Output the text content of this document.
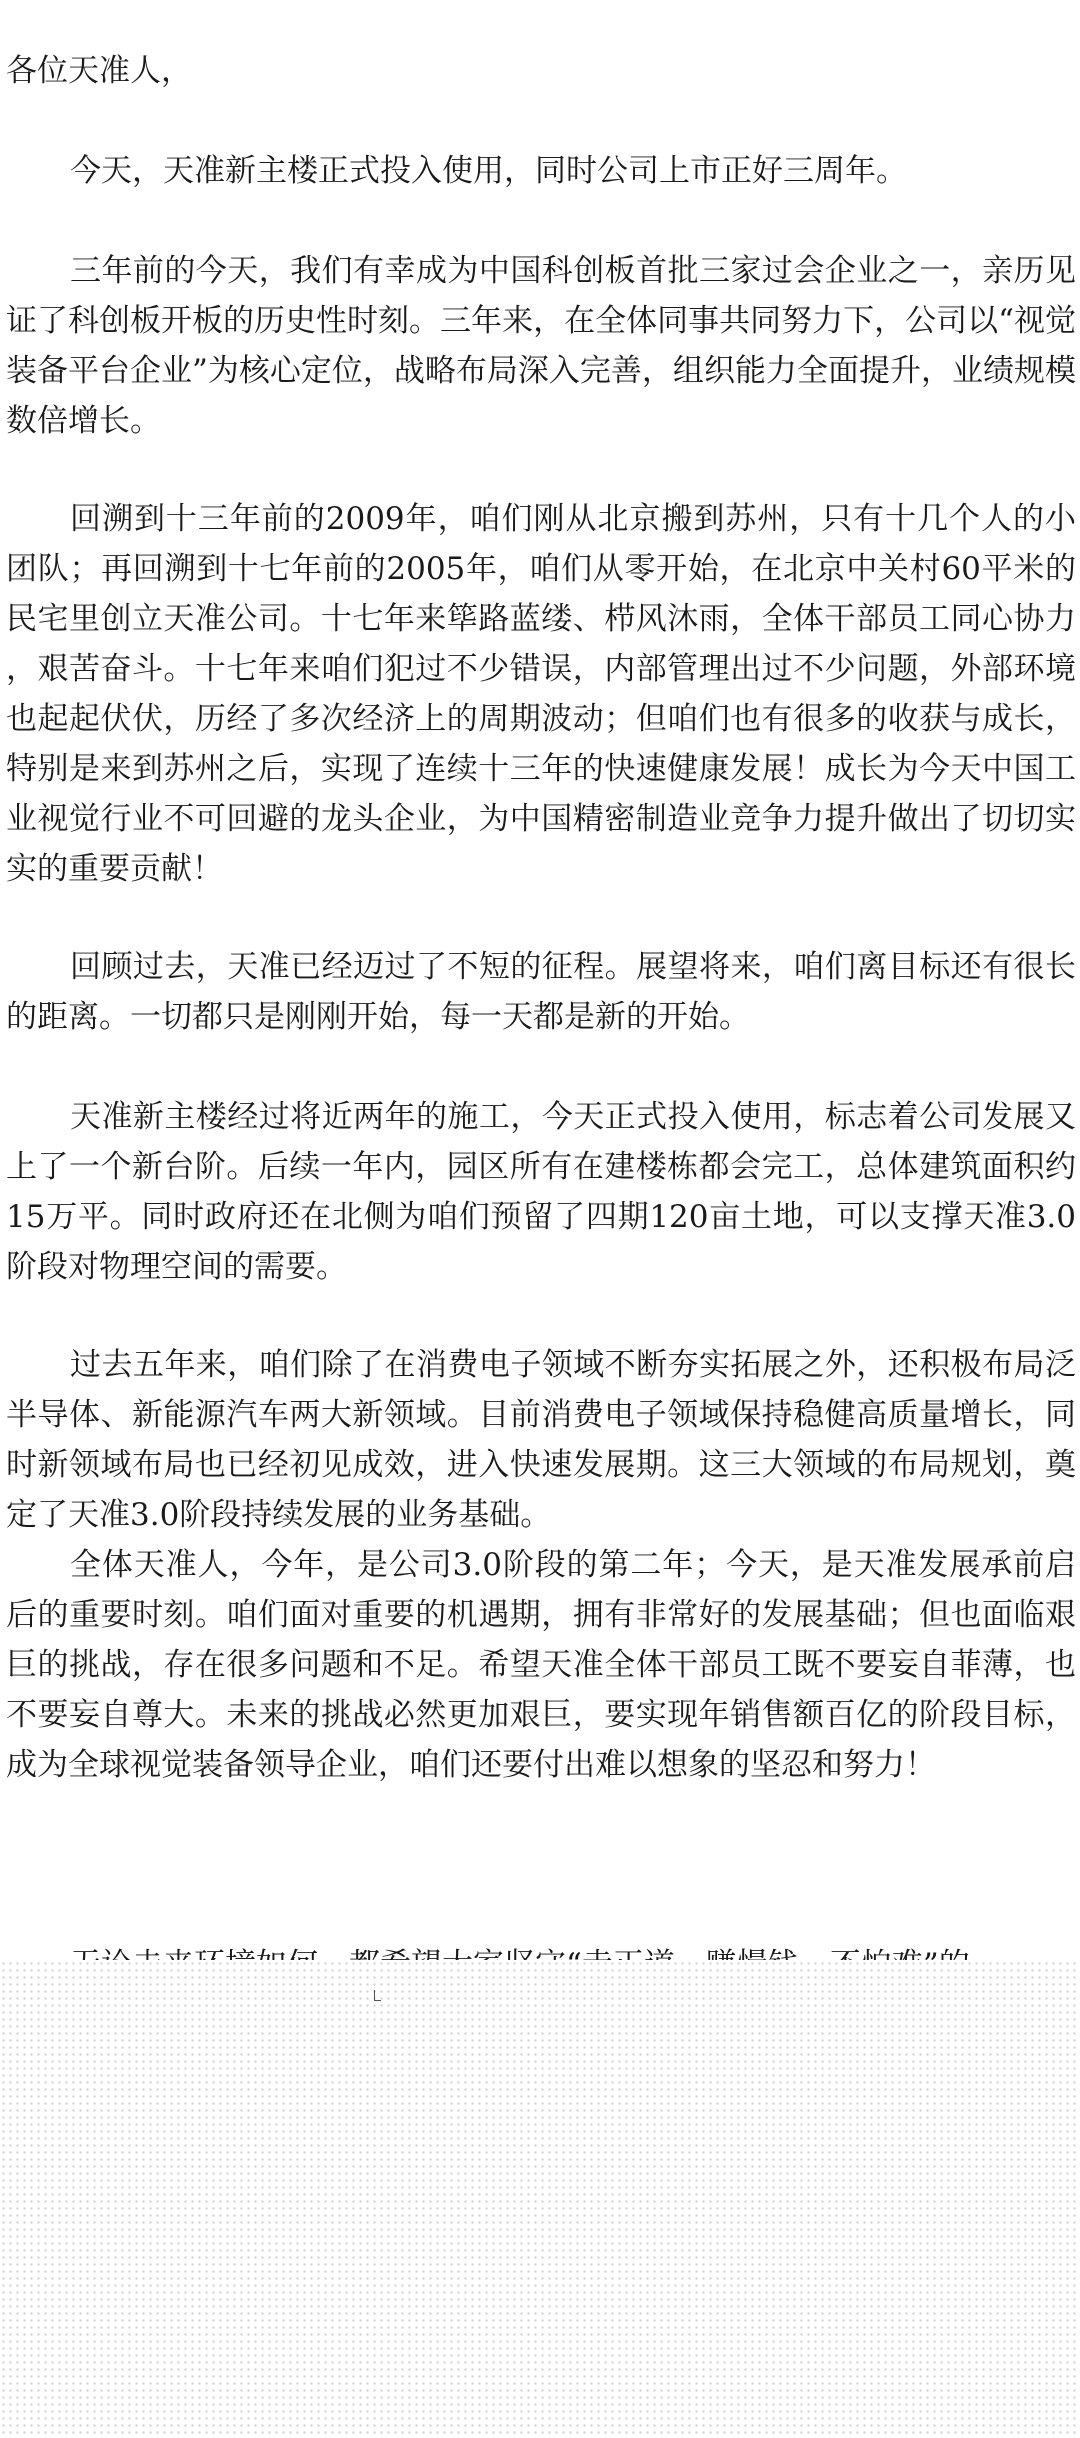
各位天准人，

今天，天准新主楼正式投入使用，同时公司上市正好三周年。

三年前的今天，我们有幸成为中国科创板首批三家过会企业之一，亲历见证了科创板开板的历史性时刻。三年来，在全体同事共同努力下，公司以“视觉装备平台企业”为核心定位，战略布局深入完善，组织能力全面提升，业绩规模数倍增长。

回溯到十三年前的2009年，咱们刚从北京搬到苏州，只有十几个人的小团队；再回溯到十七年前的2005年，咱们从零开始，在北京中关村60平米的民宅里创立天准公司。十七年来筚路蓝缕、栉风沐雨，全体干部员工同心协力，艰苦奋斗。十七年来咱们犯过不少错误，内部管理出过不少问题，外部环境也起起伏伏，历经了多次经济上的周期波动；但咱们也有很多的收获与成长，特别是来到苏州之后，实现了连续十三年的快速健康发展！成长为今天中国工业视觉行业不可回避的龙头企业，为中国精密制造业竞争力提升做出了切切实实的重要贡献！

回顾过去，天准已经迈过了不短的征程。展望将来，咱们离目标还有很长的距离。一切都只是刚刚开始，每一天都是新的开始。

天准新主楼经过将近两年的施工，今天正式投入使用，标志着公司发展又上了一个新台阶。后续一年内，园区所有在建楼栋都会完工，总体建筑面积约15万平。同时政府还在北侧为咱们预留了四期120亩土地，可以支撑天准3.0阶段对物理空间的需要。

过去五年来，咱们除了在消费电子领域不断夯实拓展之外，还积极布局泛半导体、新能源汽车两大新领域。目前消费电子领域保持稳健高质量增长，同时新领域布局也已经初见成效，进入快速发展期。这三大领域的布局规划，奠定了天准3.0阶段持续发展的业务基础。

全体天准人，今年，是公司3.0阶段的第二年；今天，是天准发展承前启后的重要时刻。咱们面对重要的机遇期，拥有非常好的发展基础；但也面临艰巨的挑战，存在很多问题和不足。希望天准全体干部员工既不要妄自菲薄，也不要妄自尊大。未来的挑战必然更加艰巨，要实现年销售额百亿的阶段目标，成为全球视觉装备领导企业，咱们还要付出难以想象的坚忍和努力！
